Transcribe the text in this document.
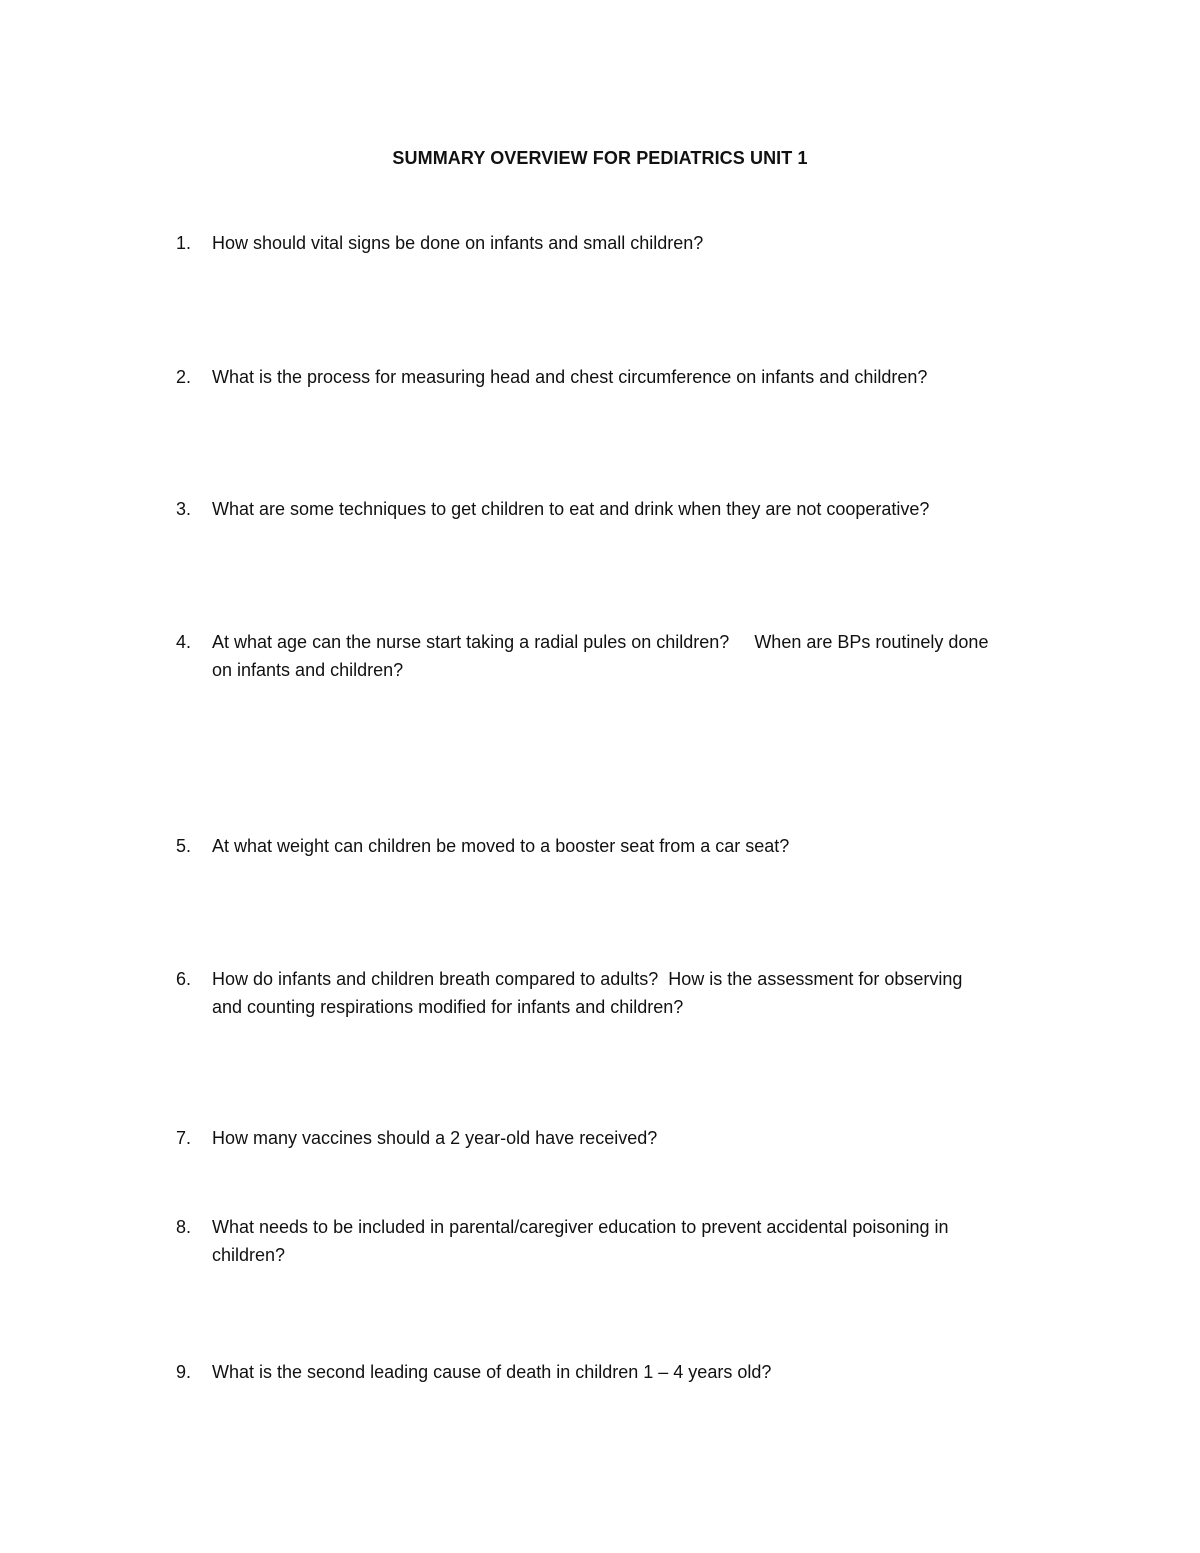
SUMMARY OVERVIEW FOR PEDIATRICS UNIT 1
1.	How should vital signs be done on infants and small children?
2.	What is the process for measuring head and chest circumference on infants and children?
3.	What are some techniques to get children to eat and drink when they are not cooperative?
4.	At what age can the nurse start taking a radial pules on children?     When are BPs routinely done
on infants and children?
5.	At what weight can children be moved to a booster seat from a car seat?
6.	How do infants and children breath compared to adults?  How is the assessment for observing
and counting respirations modified for infants and children?
7.	How many vaccines should a 2 year-old have received?
8.	What needs to be included in parental/caregiver education to prevent accidental poisoning in
children?
9.	What is the second leading cause of death in children 1 – 4 years old?
